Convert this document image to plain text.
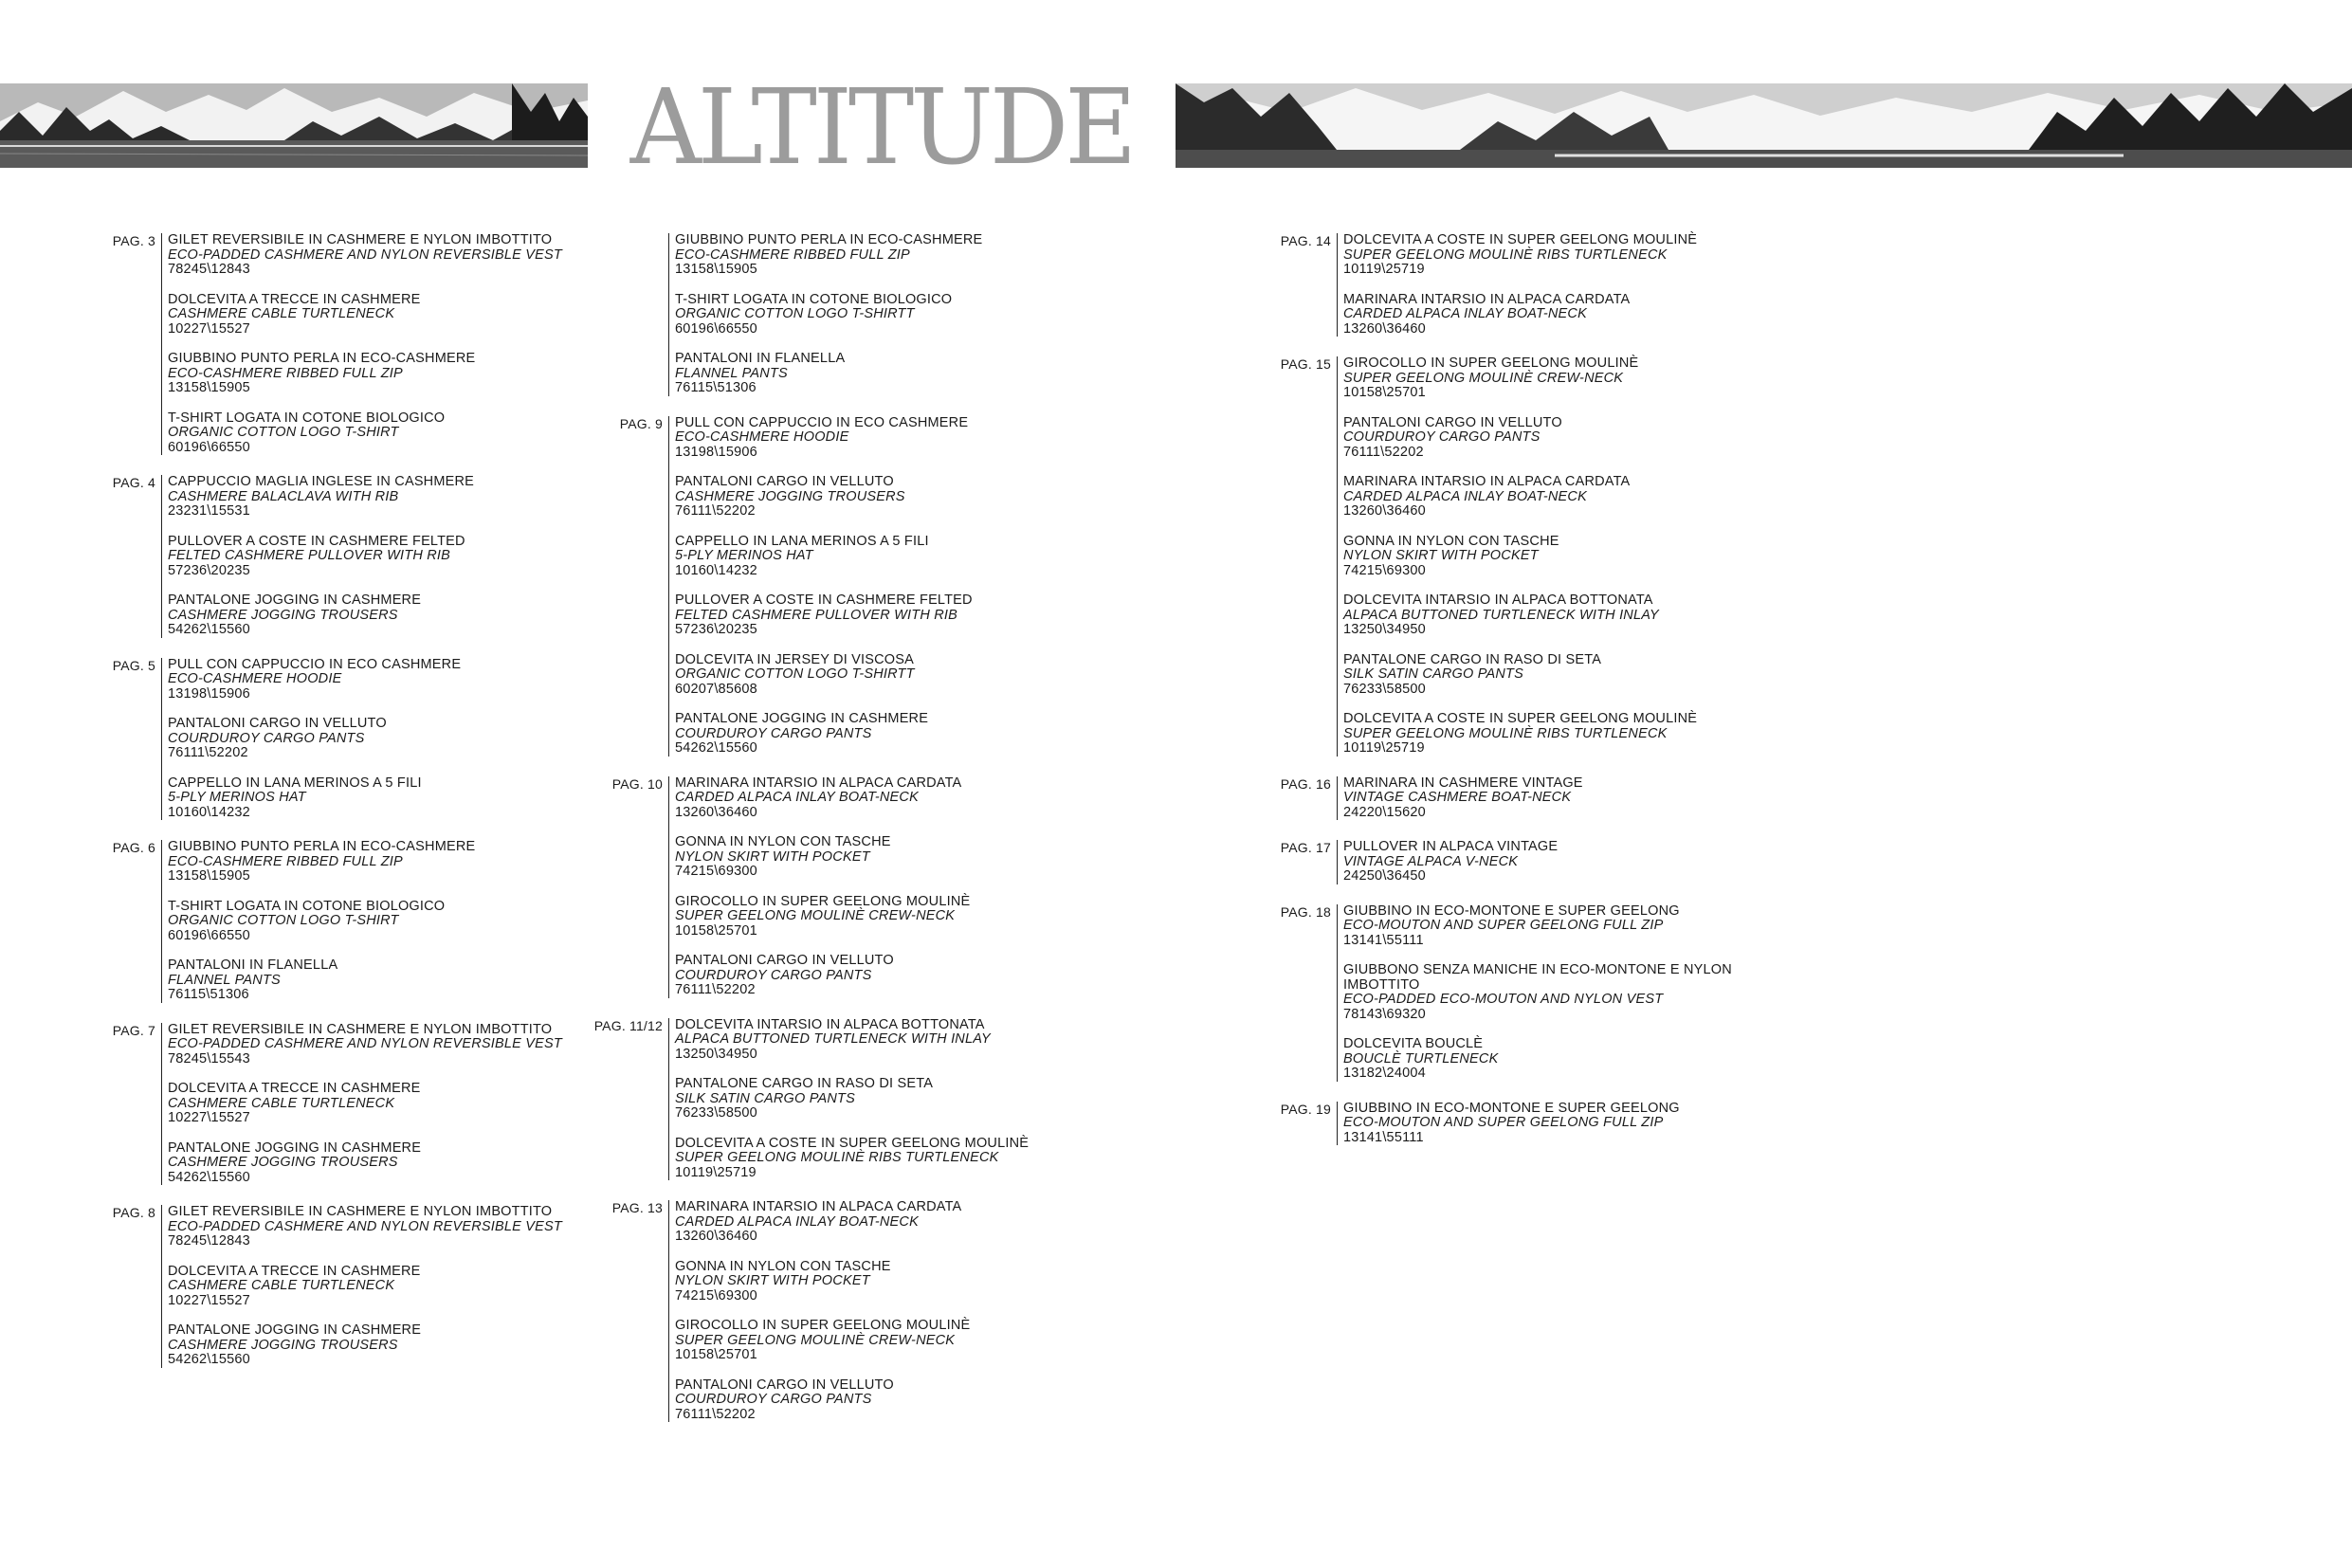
ALTITUDE
PAG. 3 GILET REVERSIBILE IN CASHMERE E NYLON IMBOTTITO
ECO-PADDED CASHMERE AND NYLON REVERSIBLE VEST
78245\12843
DOLCEVITA A TRECCE IN CASHMERE
CASHMERE CABLE TURTLENECK
10227\15527
GIUBBINO PUNTO PERLA IN ECO-CASHMERE
ECO-CASHMERE RIBBED FULL ZIP
13158\15905
T-SHIRT LOGATA IN COTONE BIOLOGICO
ORGANIC COTTON LOGO T-SHIRT
60196\66550
PAG. 4 CAPPUCCIO MAGLIA INGLESE IN CASHMERE
CASHMERE BALACLAVA WITH RIB
23231\15531
PULLOVER A COSTE IN CASHMERE FELTED
FELTED CASHMERE PULLOVER WITH RIB
57236\20235
PANTALONE JOGGING IN CASHMERE
CASHMERE JOGGING TROUSERS
54262\15560
PAG. 5 PULL CON CAPPUCCIO IN ECO CASHMERE
ECO-CASHMERE HOODIE
13198\15906
PANTALONI CARGO IN VELLUTO
COURDUROY CARGO PANTS
76111\52202
CAPPELLO IN LANA MERINOS A 5 FILI
5-PLY MERINOS HAT
10160\14232
PAG. 6 GIUBBINO PUNTO PERLA IN ECO-CASHMERE
ECO-CASHMERE RIBBED FULL ZIP
13158\15905
T-SHIRT LOGATA IN COTONE BIOLOGICO
ORGANIC COTTON LOGO T-SHIRT
60196\66550
PANTALONI IN FLANELLA
FLANNEL PANTS
76115\51306
PAG. 7 GILET REVERSIBILE IN CASHMERE E NYLON IMBOTTITO
ECO-PADDED CASHMERE AND NYLON REVERSIBLE VEST
78245\15543
DOLCEVITA A TRECCE IN CASHMERE
CASHMERE CABLE TURTLENECK
10227\15527
PANTALONE JOGGING IN CASHMERE
CASHMERE JOGGING TROUSERS
54262\15560
PAG. 8 GILET REVERSIBILE IN CASHMERE E NYLON IMBOTTITO
ECO-PADDED CASHMERE AND NYLON REVERSIBLE VEST
78245\12843
DOLCEVITA A TRECCE IN CASHMERE
CASHMERE CABLE TURTLENECK
10227\15527
PANTALONE JOGGING IN CASHMERE
CASHMERE JOGGING TROUSERS
54262\15560
GIUBBINO PUNTO PERLA IN ECO-CASHMERE
ECO-CASHMERE RIBBED FULL ZIP
13158\15905
T-SHIRT LOGATA IN COTONE BIOLOGICO
ORGANIC COTTON LOGO T-SHIRTT
60196\66550
PANTALONI IN FLANELLA
FLANNEL PANTS
76115\51306
PAG. 9 PULL CON CAPPUCCIO IN ECO CASHMERE
ECO-CASHMERE HOODIE
13198\15906
PANTALONI CARGO IN VELLUTO
CASHMERE JOGGING TROUSERS
76111\52202
CAPPELLO IN LANA MERINOS A 5 FILI
5-PLY MERINOS HAT
10160\14232
PULLOVER A COSTE IN CASHMERE FELTED
FELTED CASHMERE PULLOVER WITH RIB
57236\20235
DOLCEVITA IN JERSEY DI VISCOSA
ORGANIC COTTON LOGO T-SHIRTT
60207\85608
PANTALONE JOGGING IN CASHMERE
COURDUROY CARGO PANTS
54262\15560
PAG. 10 MARINARA INTARSIO IN ALPACA CARDATA
CARDED ALPACA INLAY BOAT-NECK
13260\36460
GONNA IN NYLON CON TASCHE
NYLON SKIRT WITH POCKET
74215\69300
GIROCOLLO IN SUPER GEELONG MOULINÈ
SUPER GEELONG MOULINÈ CREW-NECK
10158\25701
PANTALONI CARGO IN VELLUTO
COURDUROY CARGO PANTS
76111\52202
PAG. 11/12 DOLCEVITA INTARSIO IN ALPACA BOTTONATA
ALPACA BUTTONED TURTLENECK WITH INLAY
13250\34950
PANTALONE CARGO IN RASO DI SETA
SILK SATIN CARGO PANTS
76233\58500
DOLCEVITA A COSTE IN SUPER GEELONG MOULINÈ
SUPER GEELONG MOULINÈ RIBS TURTLENECK
10119\25719
PAG. 13 MARINARA INTARSIO IN ALPACA CARDATA
CARDED ALPACA INLAY BOAT-NECK
13260\36460
GONNA IN NYLON CON TASCHE
NYLON SKIRT WITH POCKET
74215\69300
GIROCOLLO IN SUPER GEELONG MOULINÈ
SUPER GEELONG MOULINÈ CREW-NECK
10158\25701
PANTALONI CARGO IN VELLUTO
COURDUROY CARGO PANTS
76111\52202
PAG. 14 DOLCEVITA A COSTE IN SUPER GEELONG MOULINÈ
SUPER GEELONG MOULINÈ RIBS TURTLENECK
10119\25719
MARINARA INTARSIO IN ALPACA CARDATA
CARDED ALPACA INLAY BOAT-NECK
13260\36460
PAG. 15 GIROCOLLO IN SUPER GEELONG MOULINÈ
SUPER GEELONG MOULINÈ CREW-NECK
10158\25701
PANTALONI CARGO IN VELLUTO
COURDUROY CARGO PANTS
76111\52202
MARINARA INTARSIO IN ALPACA CARDATA
CARDED ALPACA INLAY BOAT-NECK
13260\36460
GONNA IN NYLON CON TASCHE
NYLON SKIRT WITH POCKET
74215\69300
DOLCEVITA INTARSIO IN ALPACA BOTTONATA
ALPACA BUTTONED TURTLENECK WITH INLAY
13250\34950
PANTALONE CARGO IN RASO DI SETA
SILK SATIN CARGO PANTS
76233\58500
DOLCEVITA A COSTE IN SUPER GEELONG MOULINÈ
SUPER GEELONG MOULINÈ RIBS TURTLENECK
10119\25719
PAG. 16 MARINARA IN CASHMERE VINTAGE
VINTAGE CASHMERE BOAT-NECK
24220\15620
PAG. 17 PULLOVER IN ALPACA VINTAGE
VINTAGE ALPACA V-NECK
24250\36450
PAG. 18 GIUBBINO IN ECO-MONTONE E SUPER GEELONG
ECO-MOUTON AND SUPER GEELONG FULL ZIP
13141\55111
GIUBBONO SENZA MANICHE IN ECO-MONTONE E NYLON IMBOTTITO
ECO-PADDED ECO-MOUTON AND NYLON VEST
78143\69320
DOLCEVITA BOUCLÈ
BOUCLÈ TURTLENECK
13182\24004
PAG. 19 GIUBBINO IN ECO-MONTONE E SUPER GEELONG
ECO-MOUTON AND SUPER GEELONG FULL ZIP
13141\55111
